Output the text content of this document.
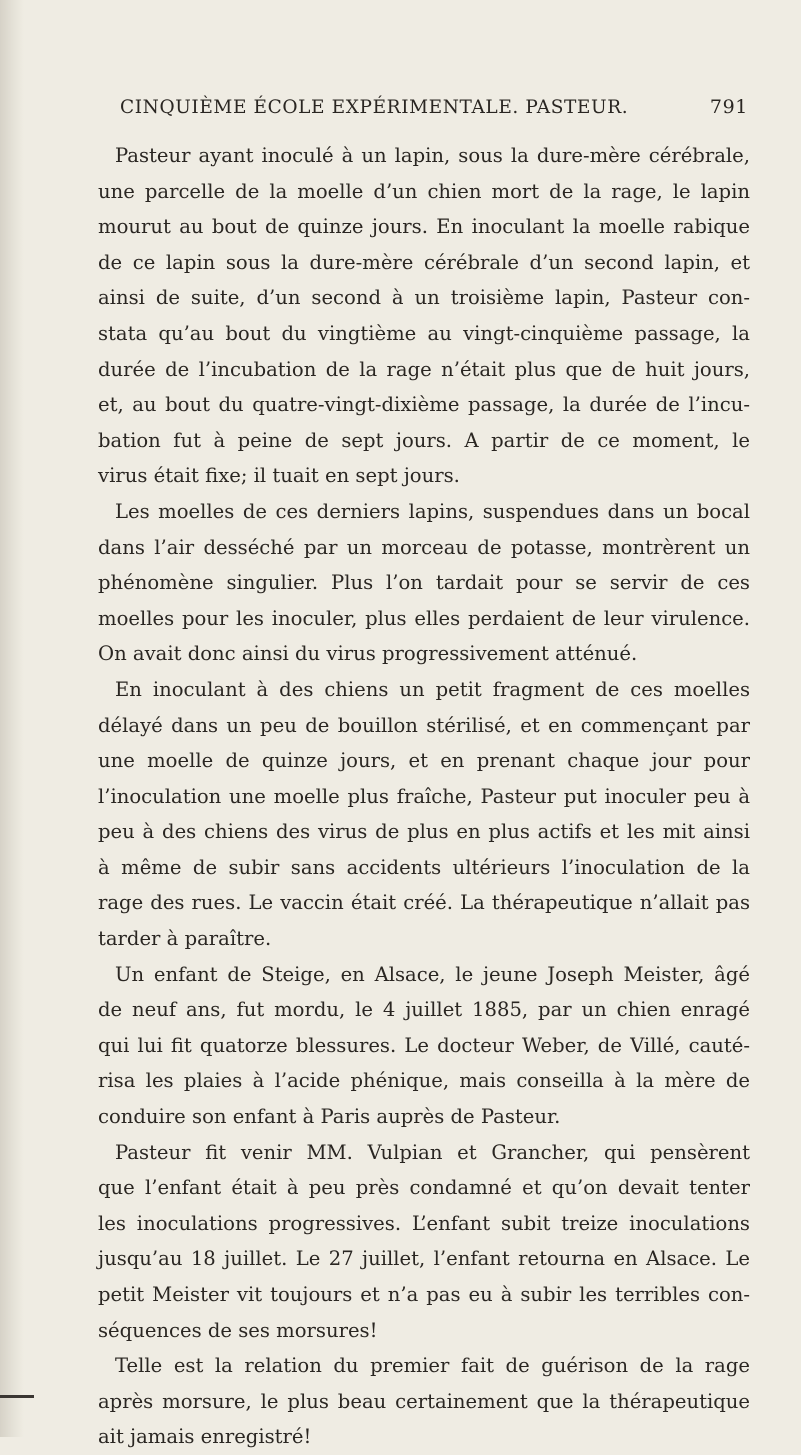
CINQUIÈME ÉCOLE EXPÉRIMENTALE. PASTEUR.	791
Pasteur ayant inoculé à un lapin, sous la dure-mère cérébrale,
une parcelle de la moelle d’un chien mort de la rage, le lapin
mourut au bout de quinze jours. En inoculant la moelle rabique
de ce lapin sous la dure-mère cérébrale d’un second lapin, et
ainsi de suite, d’un second à un troisième lapin, Pasteur con-
stata qu’au bout du vingtième au vingt-cinquième passage, la
durée de l’incubation de la rage n’était plus que de huit jours,
et, au bout du quatre-vingt-dixième passage, la durée de l’incu-
bation fut à peine de sept jours. A partir de ce moment, le
virus était fixe; il tuait en sept jours.
Les moelles de ces derniers lapins, suspendues dans un bocal
dans l’air desséché par un morceau de potasse, montrèrent un
phénomène singulier. Plus l’on tardait pour se servir de ces
moelles pour les inoculer, plus elles perdaient de leur virulence.
On avait donc ainsi du virus progressivement atténué.
En inoculant à des chiens un petit fragment de ces moelles
délayé dans un peu de bouillon stérilisé, et en commençant par
une moelle de quinze jours, et en prenant chaque jour pour
l’inoculation une moelle plus fraîche, Pasteur put inoculer peu à
peu à des chiens des virus de plus en plus actifs et les mit ainsi
à même de subir sans accidents ultérieurs l’inoculation de la
rage des rues. Le vaccin était créé. La thérapeutique n’allait pas
tarder à paraître.
Un enfant de Steige, en Alsace, le jeune Joseph Meister, âgé
de neuf ans, fut mordu, le 4 juillet 1885, par un chien enragé
qui lui fit quatorze blessures. Le docteur Weber, de Villé, cauté-
risa les plaies à l’acide phénique, mais conseilla à la mère de
conduire son enfant à Paris auprès de Pasteur.
Pasteur fit venir MM. Vulpian et Grancher, qui pensèrent
que l’enfant était à peu près condamné et qu’on devait tenter
les inoculations progressives. L’enfant subit treize inoculations
jusqu’au 18 juillet. Le 27 juillet, l’enfant retourna en Alsace. Le
petit Meister vit toujours et n’a pas eu à subir les terribles con-
séquences de ses morsures!
Telle est la relation du premier fait de guérison de la rage
après morsure, le plus beau certainement que la thérapeutique
ait jamais enregistré!
